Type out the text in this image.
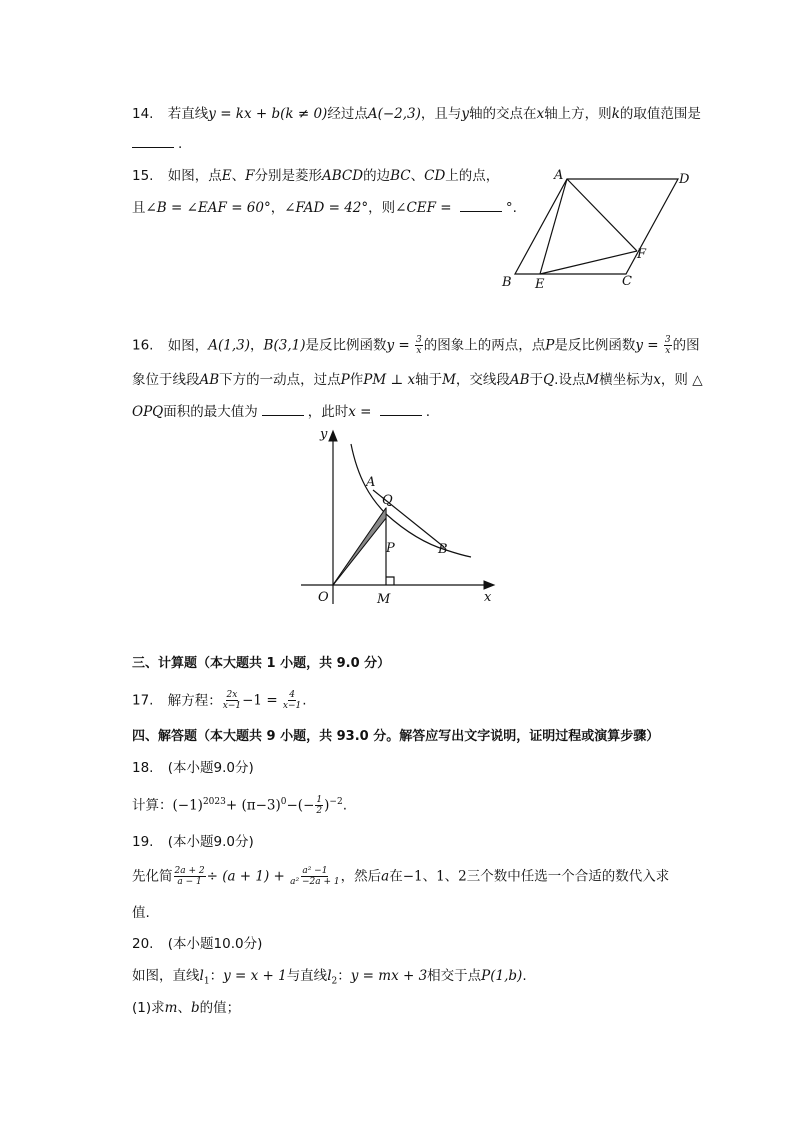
14. 若直线y = kx + b(k ≠ 0)经过点A(−2,3)，且与y轴的交点在x轴上方，则k的取值范围是
.
15. 如图，点E、F分别是菱形ABCD的边BC、CD上的点，
且∠B = ∠EAF = 60°，∠FAD = 42°，则∠CEF =	°.
A	D
B E	C
F
16. 如图，A(1,3)，B(3,1)是反比例函数$y = \frac{3}{x}$ 的图象上的两点，点P是反比例函数$y = \frac{3}{x}$ 的图
象位于线段AB下方的一动点，过点P作PM ⊥ x轴于M，交线段AB于Q.设点M横坐标为x，则 △
OPQ面积的最大值为	，此时x =	.
y
x
O	M
A
Q
P	B
三、计算题（本大题共 1 小题，共 9.0 分）
17. 解方程： $\frac{2x}{x-1} -1 = \frac{4}{x-1}$ .
四、解答题（本大题共 9 小题，共 93.0 分。解答应写出文字说明，证明过程或演算步骤）
18. (本小题9.0分)
计算：$(-1)^{2023}+ (\pi-3)^0-(- \frac{1}{2} )^{-2}$.
19. (本小题9.0分)
先化简 $\frac{2a + 2}{a - 1} \div (a + 1) + \frac{\text{a² −1}}{\text{a² −2a + 1}}$ ，然后a在−1、1、2三个数中任选一个合适的数代入求
值.
20. (本小题10.0分)
如图，直线$l_1$：y = x + 1与直线$l_2$：y = mx + 3相交于点P(1,b).
(1)求m、b的值；
